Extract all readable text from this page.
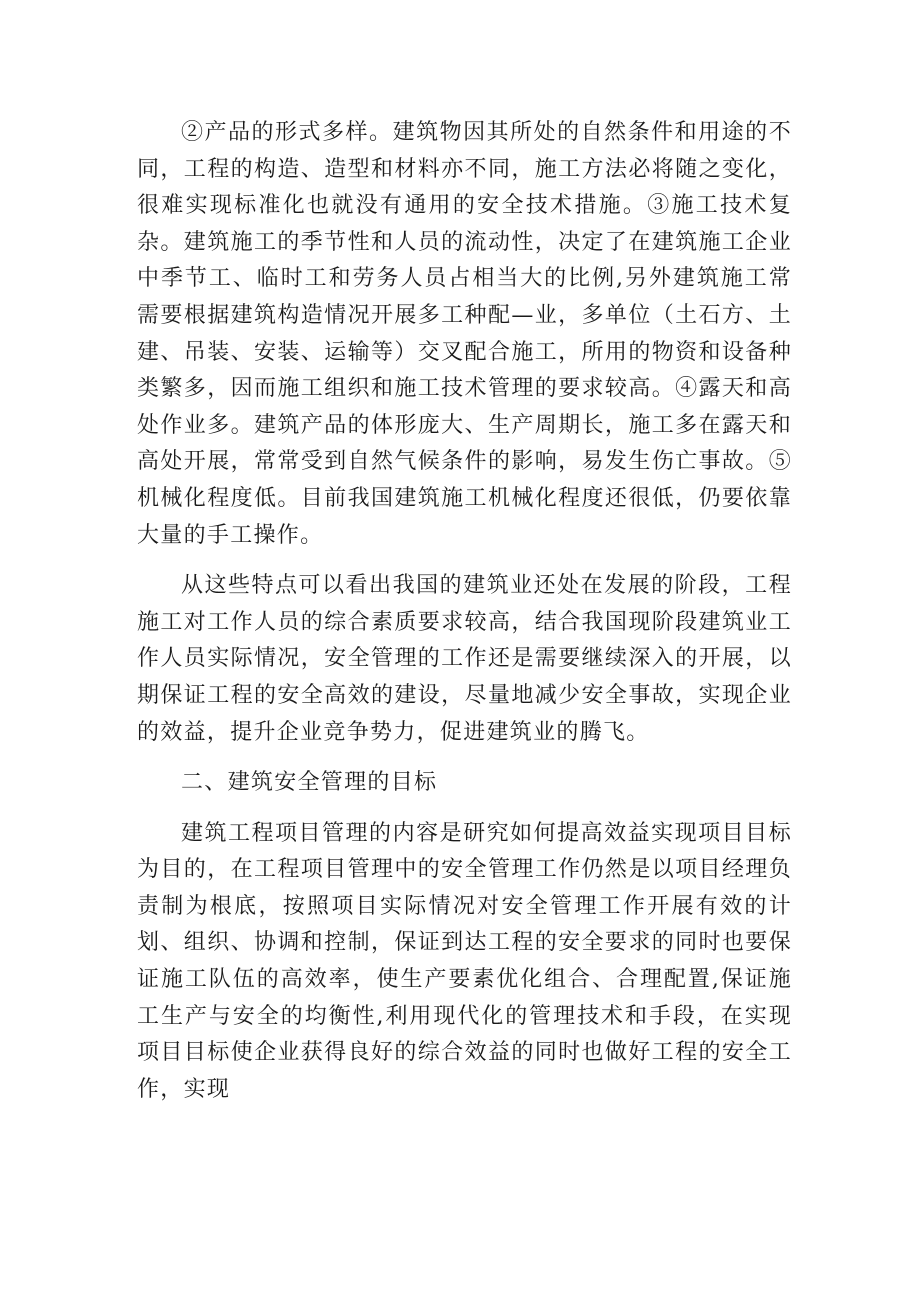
②产品的形式多样。建筑物因其所处的自然条件和用途的不同，工程的构造、造型和材料亦不同，施工方法必将随之变化，很难实现标准化也就没有通用的安全技术措施。③施工技术复杂。建筑施工的季节性和人员的流动性，决定了在建筑施工企业中季节工、临时工和劳务人员占相当大的比例,另外建筑施工常需要根据建筑构造情况开展多工种配—业，多单位（土石方、土建、吊装、安装、运输等）交叉配合施工，所用的物资和设备种类繁多，因而施工组织和施工技术管理的要求较高。④露天和高处作业多。建筑产品的体形庞大、生产周期长，施工多在露天和高处开展，常常受到自然气候条件的影响，易发生伤亡事故。⑤机械化程度低。目前我国建筑施工机械化程度还很低，仍要依靠大量的手工操作。

从这些特点可以看出我国的建筑业还处在发展的阶段，工程施工对工作人员的综合素质要求较高，结合我国现阶段建筑业工作人员实际情况，安全管理的工作还是需要继续深入的开展，以期保证工程的安全高效的建设，尽量地减少安全事故，实现企业的效益，提升企业竞争势力，促进建筑业的腾飞。

二、建筑安全管理的目标

建筑工程项目管理的内容是研究如何提高效益实现项目目标为目的，在工程项目管理中的安全管理工作仍然是以项目经理负责制为根底，按照项目实际情况对安全管理工作开展有效的计划、组织、协调和控制，保证到达工程的安全要求的同时也要保证施工队伍的高效率，使生产要素优化组合、合理配置,保证施工生产与安全的均衡性,利用现代化的管理技术和手段，在实现项目目标使企业获得良好的综合效益的同时也做好工程的安全工作，实现
